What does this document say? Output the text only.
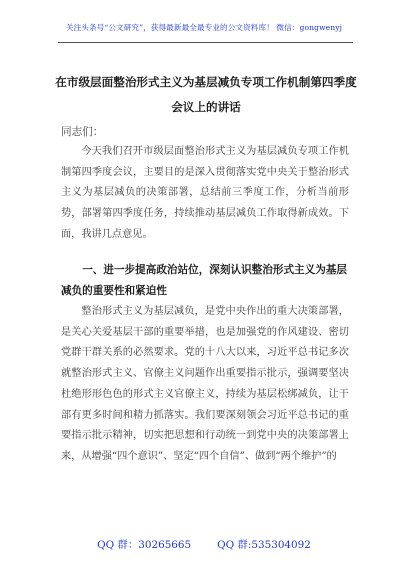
关注头条号“公文研究”，获得最新最全最专业的公文资料库！ 微信：gongwenyj
在市级层面整治形式主义为基层减负专项工作机制第四季度会议上的讲话
同志们：

今天我们召开市级层面整治形式主义为基层减负专项工作机制第四季度会议，主要目的是深入贯彻落实党中央关于整治形式主义为基层减负的决策部署，总结前三季度工作，分析当前形势，部署第四季度任务，持续推动基层减负工作取得新成效。下面，我讲几点意见。

一、进一步提高政治站位，深刻认识整治形式主义为基层减负的重要性和紧迫性

整治形式主义为基层减负，是党中央作出的重大决策部署，是关心关爱基层干部的重要举措，也是加强党的作风建设、密切党群干群关系的必然要求。党的十八大以来，习近平总书记多次就整治形式主义、官僚主义问题作出重要指示批示，强调要坚决杜绝形形色色的形式主义官僚主义，持续为基层松绑减负，让干部有更多时间和精力抓落实。我们要深刻领会习近平总书记的重要指示批示精神，切实把思想和行动统一到党中央的决策部署上来，从增强“四个意识”、坚定“四个自信”、做到“两个维护”的

QQ 群：30265665	QQ 群:535304092
